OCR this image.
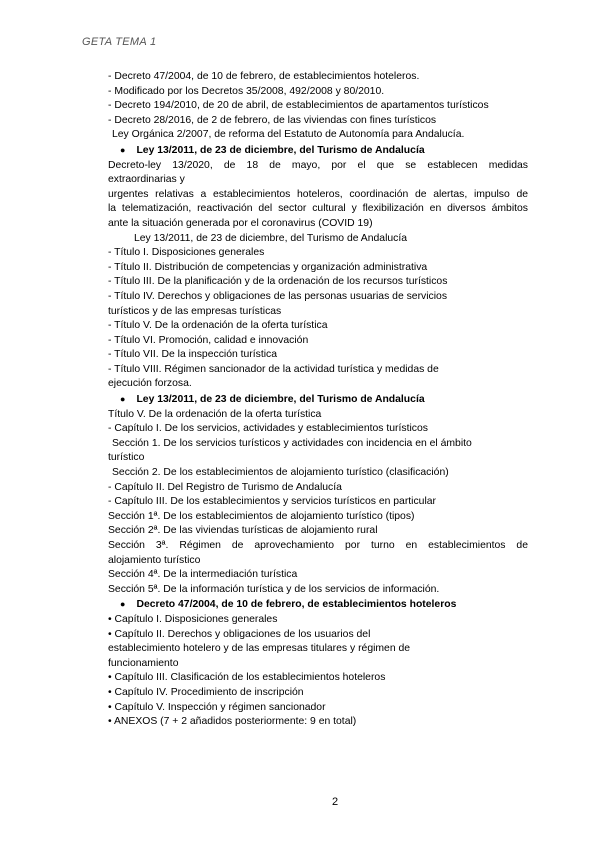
GETA TEMA 1
- Decreto 47/2004, de 10 de febrero, de establecimientos hoteleros.
- Modificado por los Decretos 35/2008, 492/2008 y 80/2010.
- Decreto 194/2010, de 20 de abril, de establecimientos de apartamentos turísticos
- Decreto 28/2016, de 2 de febrero, de las viviendas con fines turísticos
Ley Orgánica 2/2007, de reforma del Estatuto de Autonomía para Andalucía.
● Ley 13/2011, de 23 de diciembre, del Turismo de Andalucía
Decreto-ley 13/2020, de 18 de mayo, por el que se establecen medidas
extraordinarias y
urgentes relativas a establecimientos hoteleros, coordinación de alertas, impulso de
la telematización, reactivación del sector cultural y flexibilización en diversos ámbitos
ante la situación generada por el coronavirus (COVID 19)
Ley 13/2011, de 23 de diciembre, del Turismo de Andalucía
- Título I. Disposiciones generales
- Título II. Distribución de competencias y organización administrativa
- Título III. De la planificación y de la ordenación de los recursos turísticos
- Título IV. Derechos y obligaciones de las personas usuarias de servicios
turísticos y de las empresas turísticas
- Título V. De la ordenación de la oferta turística
- Título VI. Promoción, calidad e innovación
- Título VII. De la inspección turística
- Título VIII. Régimen sancionador de la actividad turística y medidas de
ejecución forzosa.
● Ley 13/2011, de 23 de diciembre, del Turismo de Andalucía
Título V. De la ordenación de la oferta turística
- Capítulo I. De los servicios, actividades y establecimientos turísticos
Sección 1. De los servicios turísticos y actividades con incidencia en el ámbito
turístico
Sección 2. De los establecimientos de alojamiento turístico (clasificación)
- Capítulo II. Del Registro de Turismo de Andalucía
- Capítulo III. De los establecimientos y servicios turísticos en particular
Sección 1ª. De los establecimientos de alojamiento turístico (tipos)
Sección 2ª. De las viviendas turísticas de alojamiento rural
Sección 3ª. Régimen de aprovechamiento por turno en establecimientos de
alojamiento turístico
Sección 4ª. De la intermediación turística
Sección 5ª. De la información turística y de los servicios de información.
● Decreto 47/2004, de 10 de febrero, de establecimientos hoteleros
• Capítulo I. Disposiciones generales
• Capítulo II. Derechos y obligaciones de los usuarios del
establecimiento hotelero y de las empresas titulares y régimen de
funcionamiento
• Capítulo III. Clasificación de los establecimientos hoteleros
• Capítulo IV. Procedimiento de inscripción
• Capítulo V. Inspección y régimen sancionador
• ANEXOS (7 + 2 añadidos posteriormente: 9 en total)
2
